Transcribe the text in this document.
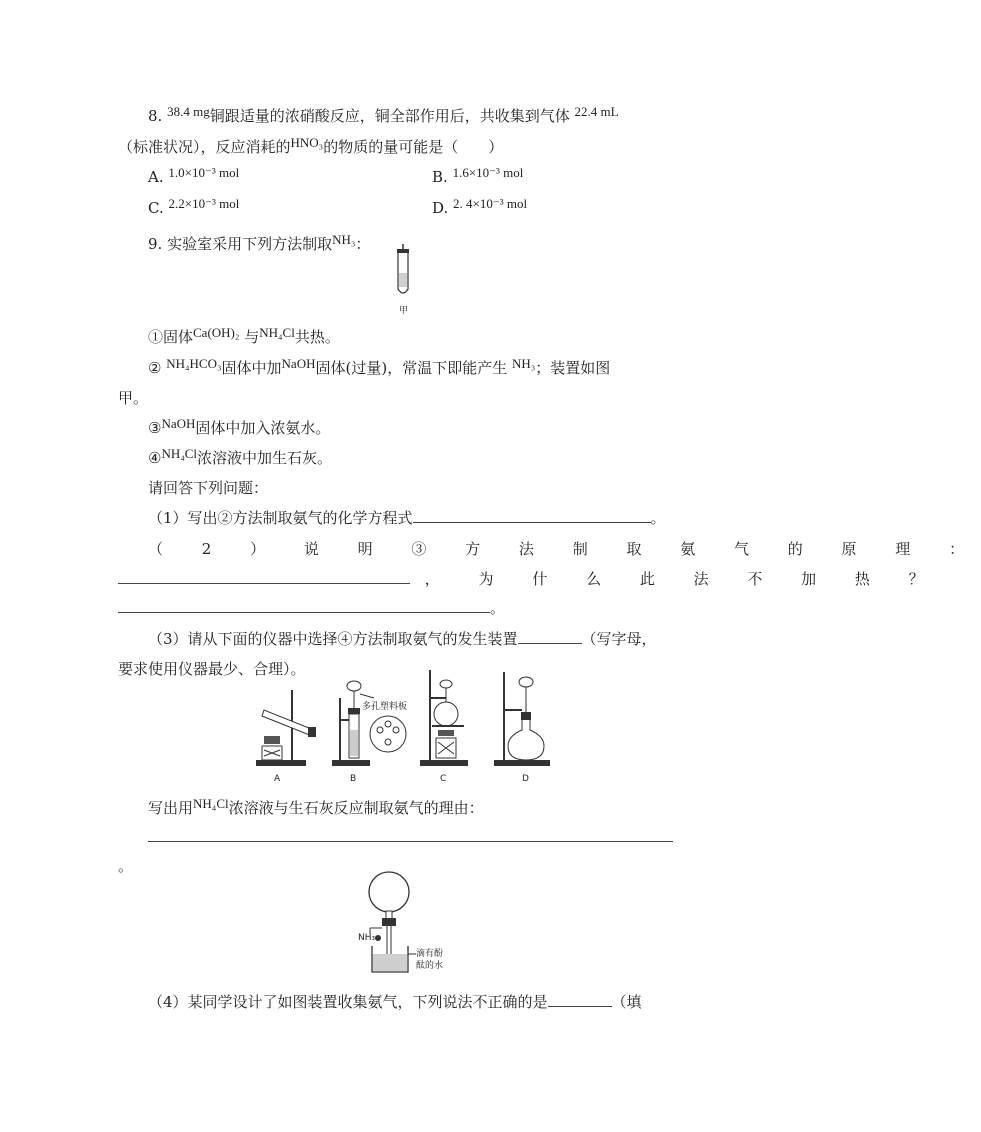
8. 38.4 mg铜跟适量的浓硝酸反应，铜全部作用后，共收集到气体 22.4 mL
（标准状况），反应消耗的HNO₃的物质的量可能是（　　）
A. 1.0×10⁻³ mol	B. 1.6×10⁻³ mol
C. 2.2×10⁻³ mol	D. 2. 4×10⁻³ mol
9. 实验室采用下列方法制取NH₃：
甲
①固体Ca(OH)₂ 与NH₄Cl共热。
② NH₄HCO₃固体中加NaOH固体(过量)，常温下即能产生 NH₃；装置如图
甲。
③NaOH固体中加入浓氨水。
④NH₄Cl浓溶液中加生石灰。
请回答下列问题：
（1）写出②方法制取氨气的化学方程式	。
（ 2 ） 说 明 ③ 方 法 制 取 氨 气 的 原 理 ：
， 为 什 么 此 法 不 加 热 ？
。
（3）请从下面的仪器中选择④方法制取氨气的发生装置	（写字母，
要求使用仪器最少、合理）。
A
多孔塑料板
B	C	D
写出用NH₄Cl浓溶液与生石灰反应制取氨气的理由：
。
NH₃
滴有酚
酞的水
（4）某同学设计了如图装置收集氨气，下列说法不正确的是	（填
